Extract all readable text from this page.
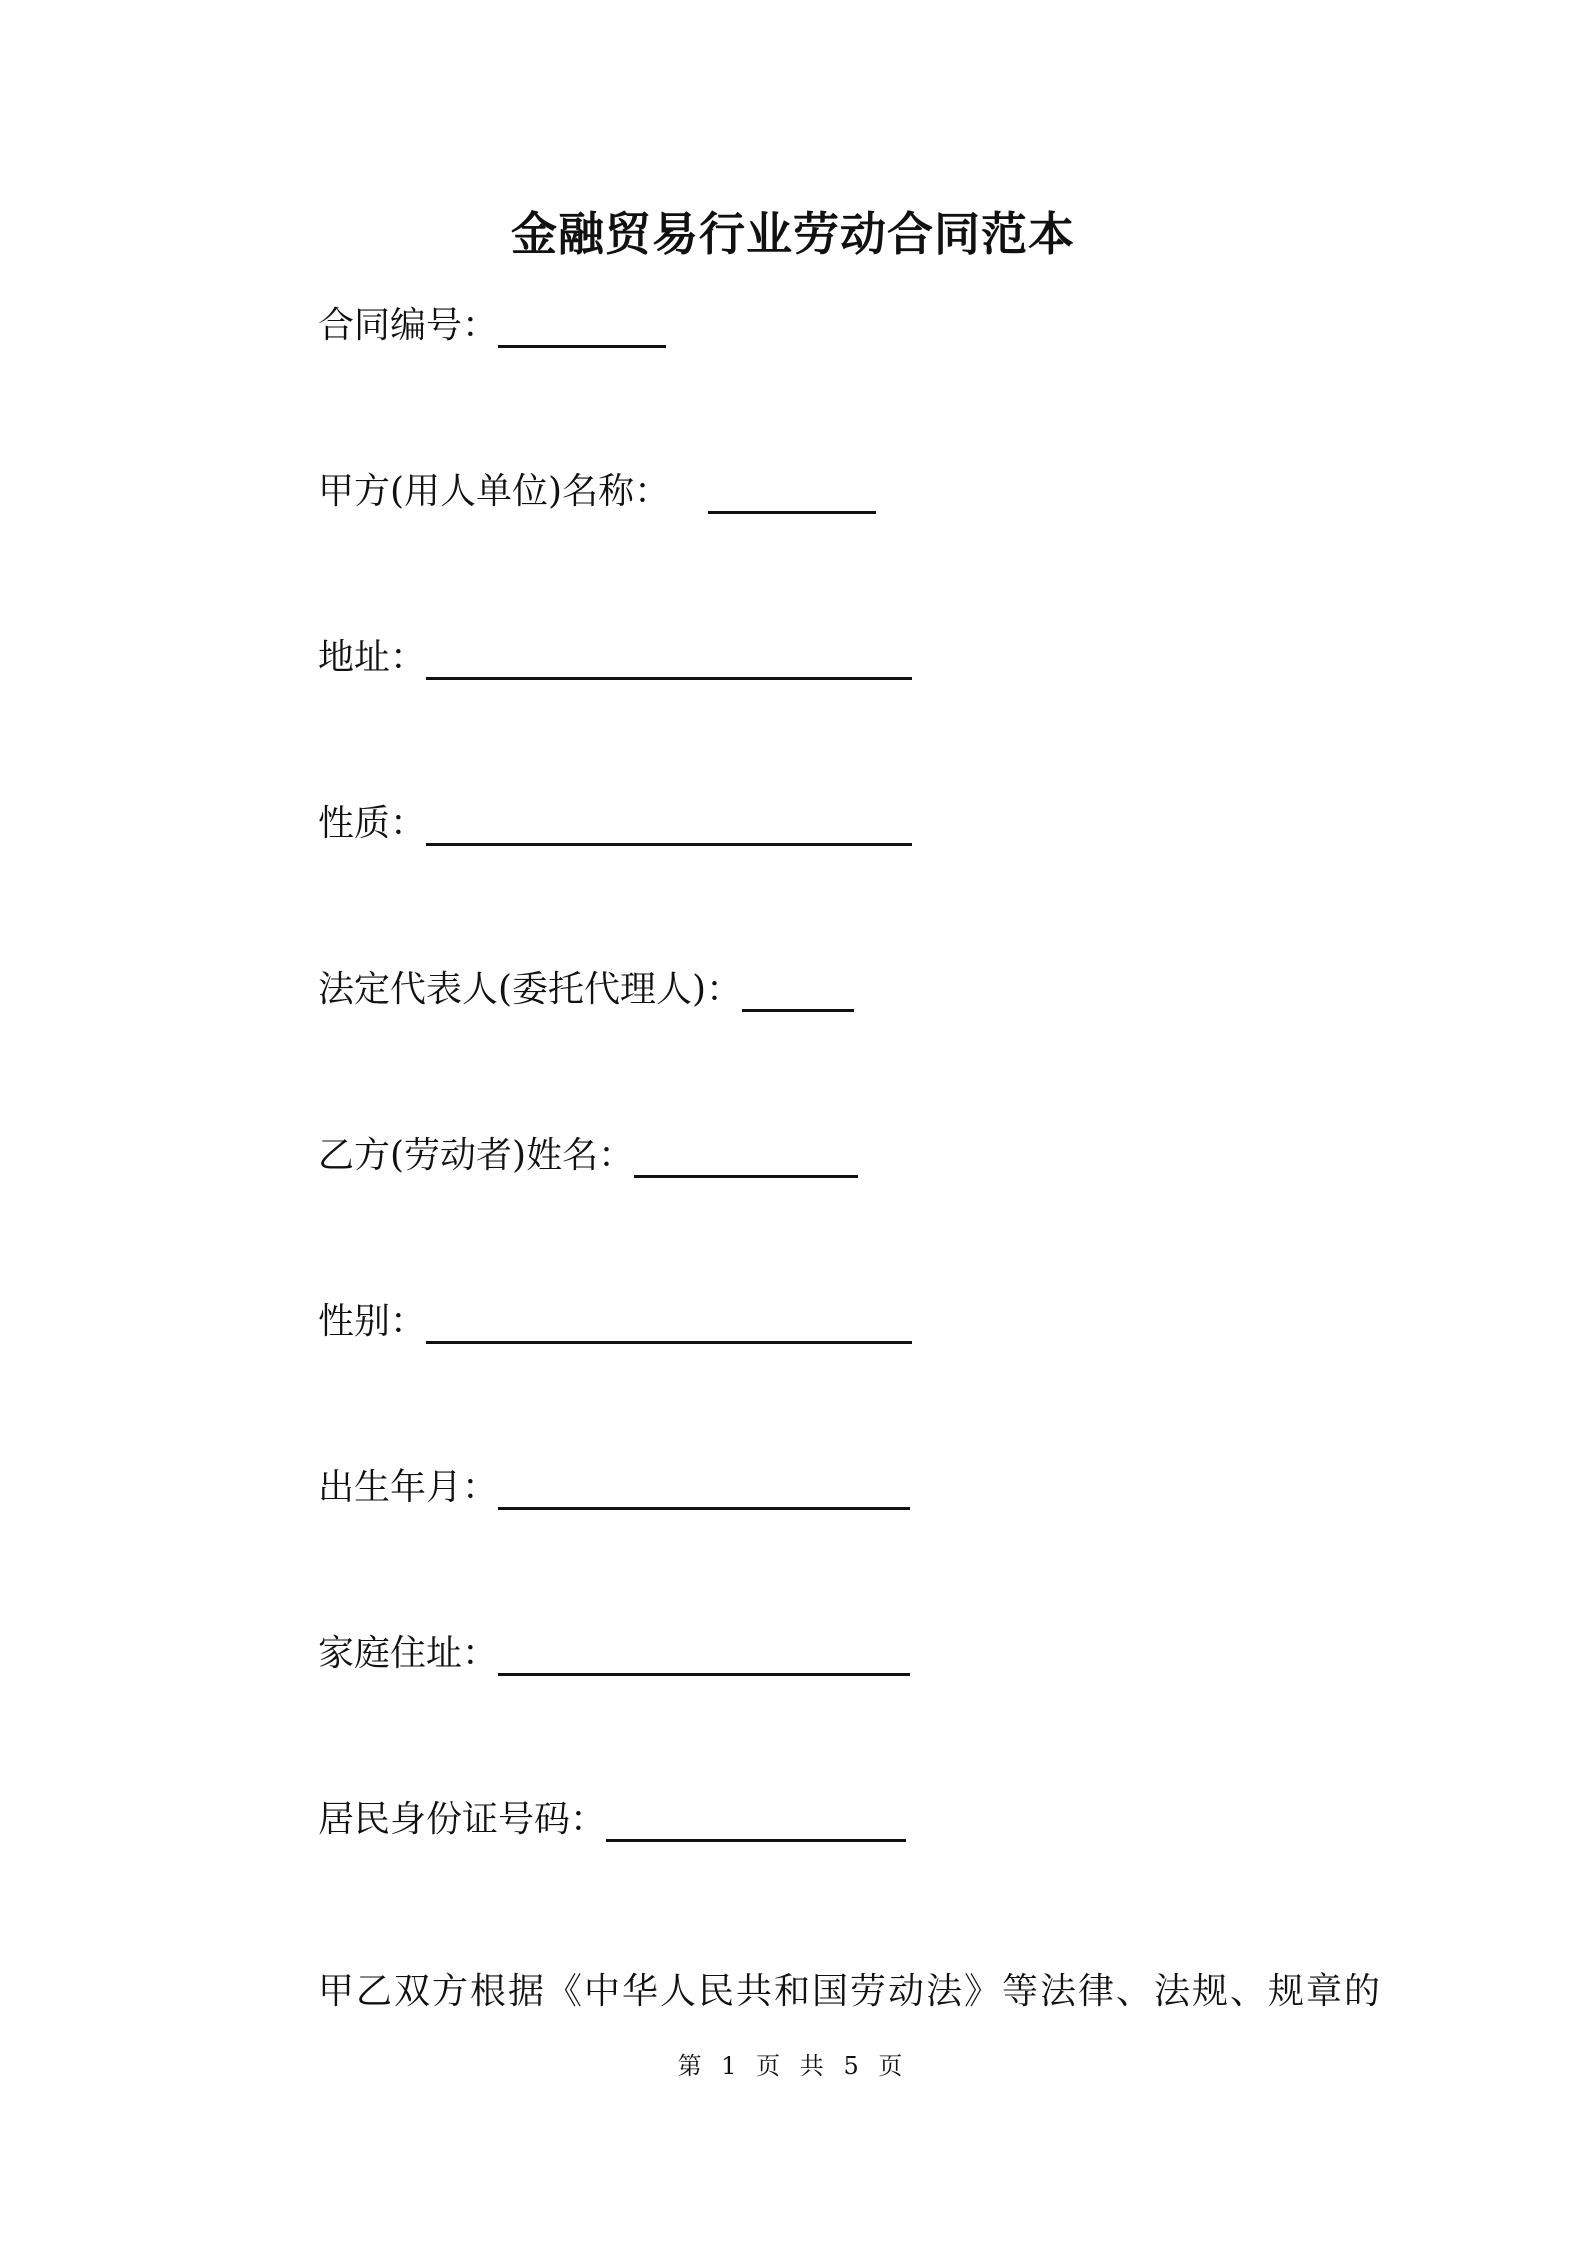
金融贸易行业劳动合同范本
合同编号：
甲方(用人单位)名称：
地址：
性质：
法定代表人(委托代理人)：
乙方(劳动者)姓名：
性别：
出生年月：
家庭住址：
居民身份证号码：
甲乙双方根据《中华人民共和国劳动法》等法律、法规、规章的
第 1 页 共 5 页
